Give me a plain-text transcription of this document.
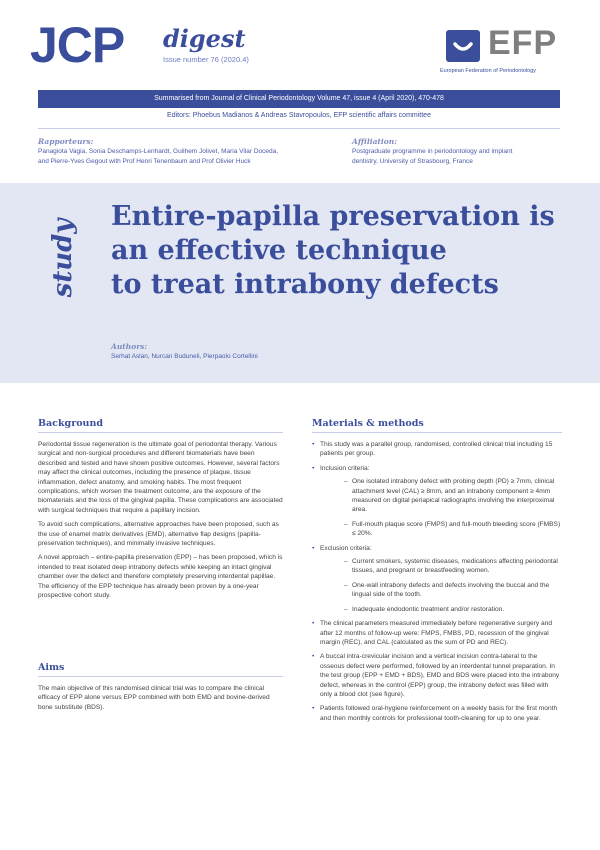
JCP digest
Issue number 76 (2020.4)	EFP
European Federation of Periodontology
Summarised from Journal of Clinical Periodontology Volume 47, issue 4 (April 2020), 470-478
Editors: Phoebus Madianos & Andreas Stavropoulos, EFP scientific affairs committee
Rapporteurs:
Panagiota Vagia, Sonia Deschamps-Lenhardt, Guilhem Jolivet, Maria Vilar Doceda,
and Pierre-Yves Gegout with Prof Henri Tenenbaum and Prof Olivier Huck
Affiliation:
Postgraduate programme in periodontology and implant
dentistry, University of Strasbourg, France
study
Entire-papilla preservation is
an effective technique
to treat intrabony defects
Authors:
Serhat Aslan, Nurcan Buduneli, Pierpaolo Cortellini
Background

Periodontal tissue regeneration is the ultimate goal of periodontal therapy. Various surgical and non-surgical procedures and different biomaterials have been described and tested and have shown positive outcomes. However, several factors may affect the clinical outcomes, including the presence of plaque, tissue inflammation, defect anatomy, and smoking habits. The most frequent complications, which worsen the treatment outcome, are the exposure of the biomaterials and the loss of the gingival papilla. These complications are associated with surgical techniques that require a papillary incision.

To avoid such complications, alternative approaches have been proposed, such as the use of enamel matrix derivatives (EMD), alternative flap designs (papilla-preservation techniques), and minimally invasive techniques.

A novel approach – entire-papilla preservation (EPP) – has been proposed, which is intended to treat isolated deep intrabony defects while keeping an intact gingival chamber over the defect and therefore completely preserving interdental papillae. The efficiency of the EPP technique has already been proven by a one-year prospective cohort study.

Aims

The main objective of this randomised clinical trial was to compare the clinical efficacy of EPP alone versus EPP combined with both EMD and bovine-derived bone substitute (BDS).

Materials & methods
• This study was a parallel group, randomised, controlled clinical trial including 15 patients per group.
• Inclusion criteria:
– One isolated intrabony defect with probing depth (PD) ≥ 7mm, clinical attachment level (CAL) ≥ 8mm, and an intrabony component ≥ 4mm measured on digital periapical radiographs involving the interproximal area.
– Full-mouth plaque score (FMPS) and full-mouth bleeding score (FMBS) ≤ 20%.
• Exclusion criteria:
– Current smokers, systemic diseases, medications affecting periodontal tissues, and pregnant or breastfeeding women.
– One-wall intrabony defects and defects involving the buccal and the lingual side of the tooth.
– Inadequate endodontic treatment and/or restoration.
• The clinical parameters measured immediately before regenerative surgery and after 12 months of follow-up were: FMPS, FMBS, PD, recession of the gingival margin (REC), and CAL (calculated as the sum of PD and REC).
• A buccal intra-crevicular incision and a vertical incision contra-lateral to the osseous defect were performed, followed by an interdental tunnel preparation. In the test group (EPP + EMD + BDS), EMD and BDS were placed into the intrabony defect, whereas in the control (EPP) group, the intrabony defect was filled with only a blood clot (see figure).
• Patients followed oral-hygiene reinforcement on a weekly basis for the first month and then monthly controls for professional tooth-cleaning for up to one year.
